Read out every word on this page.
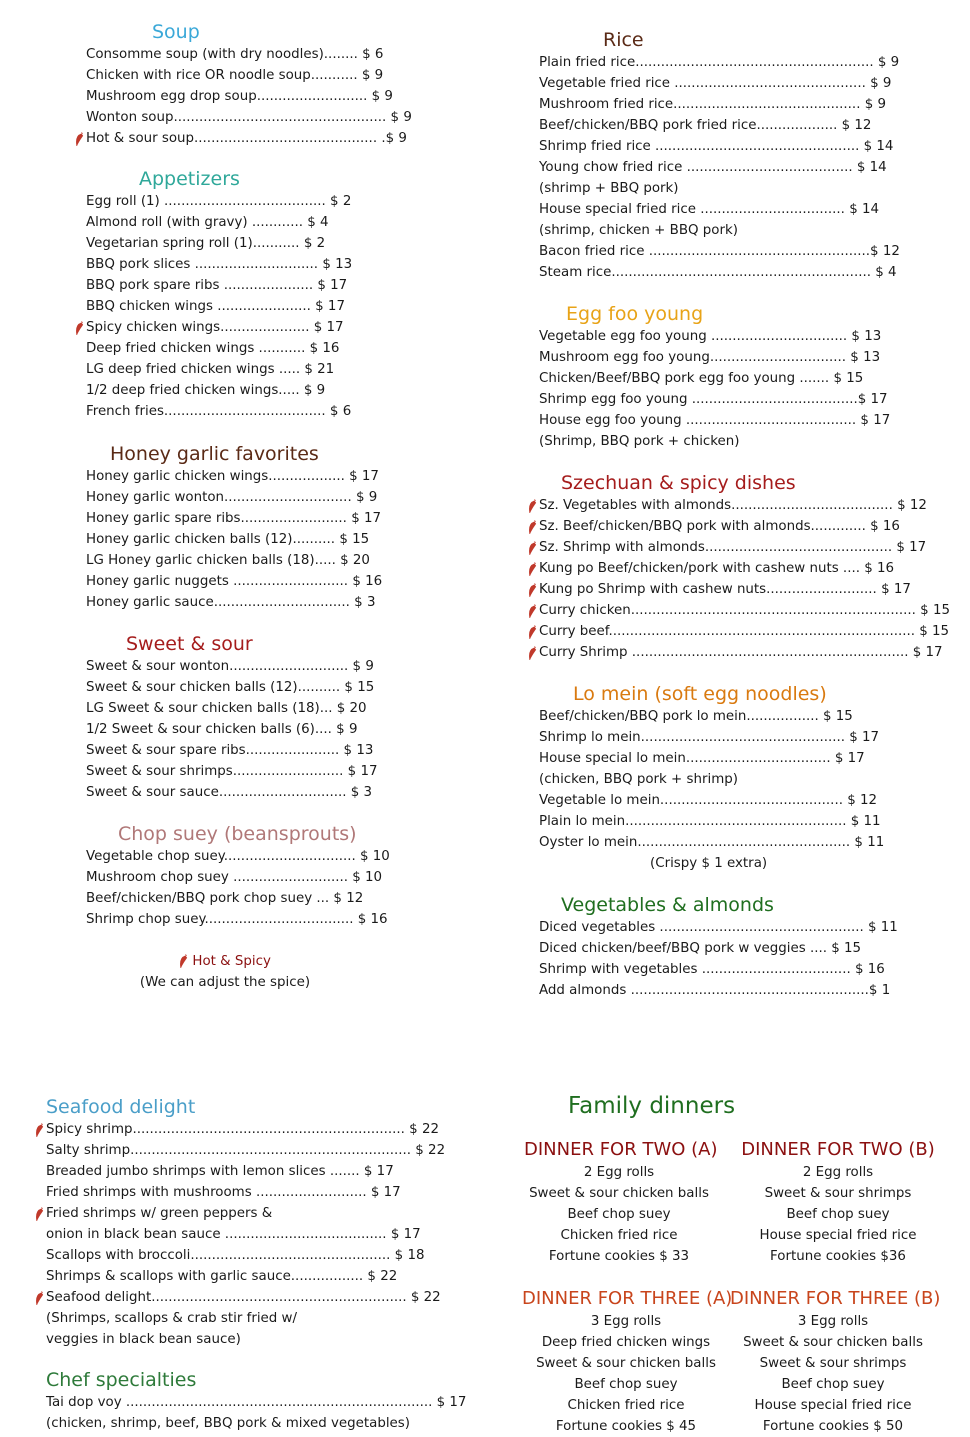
Soup
Consomme soup (with dry noodles)........ $ 6
Chicken with rice OR noodle soup........... $ 9
Mushroom egg drop soup.......................... $ 9
Wonton soup.................................................. $ 9
Hot & sour soup........................................... .$ 9
Appetizers
Egg roll (1) ...................................... $ 2
Almond roll (with gravy) ............ $ 4
Vegetarian spring roll (1)........... $ 2
BBQ pork slices ............................. $ 13
BBQ pork spare ribs ..................... $ 17
BBQ chicken wings ...................... $ 17
Spicy chicken wings..................... $ 17
Deep fried chicken wings ........... $ 16
LG deep fried chicken wings ..... $ 21
1/2 deep fried chicken wings..... $ 9
French fries...................................... $ 6
Honey garlic favorites
Honey garlic chicken wings.................. $ 17
Honey garlic wonton.............................. $ 9
Honey garlic spare ribs......................... $ 17
Honey garlic chicken balls (12).......... $ 15
LG Honey garlic chicken balls (18)..... $ 20
Honey garlic nuggets ........................... $ 16
Honey garlic sauce................................ $ 3
Sweet & sour
Sweet & sour wonton............................ $ 9
Sweet & sour chicken balls (12).......... $ 15
LG Sweet & sour chicken balls (18)... $ 20
1/2 Sweet & sour chicken balls (6).... $ 9
Sweet & sour spare ribs...................... $ 13
Sweet & sour shrimps.......................... $ 17
Sweet & sour sauce.............................. $ 3
Chop suey (beansprouts)
Vegetable chop suey............................... $ 10
Mushroom chop suey ........................... $ 10
Beef/chicken/BBQ pork chop suey ... $ 12
Shrimp chop suey................................... $ 16
Hot & Spicy
(We can adjust the spice)
Rice
Plain fried rice........................................................ $ 9
Vegetable fried rice ............................................. $ 9
Mushroom fried rice............................................ $ 9
Beef/chicken/BBQ pork fried rice................... $ 12
Shrimp fried rice ................................................ $ 14
Young chow fried rice ....................................... $ 14
(shrimp + BBQ pork)
House special fried rice .................................. $ 14
(shrimp, chicken + BBQ pork)
Bacon fried rice ....................................................$ 12
Steam rice............................................................. $ 4
Egg foo young
Vegetable egg foo young ................................ $ 13
Mushroom egg foo young................................ $ 13
Chicken/Beef/BBQ pork egg foo young ....... $ 15
Shrimp egg foo young .......................................$ 17
House egg foo young ........................................ $ 17
(Shrimp, BBQ pork + chicken)
Szechuan & spicy dishes
Sz. Vegetables with almonds...................................... $ 12
Sz. Beef/chicken/BBQ pork with almonds............. $ 16
Sz. Shrimp with almonds............................................ $ 17
Kung po Beef/chicken/pork with cashew nuts .... $ 16
Kung po Shrimp with cashew nuts.......................... $ 17
Curry chicken................................................................... $ 15
Curry beef........................................................................ $ 15
Curry Shrimp ................................................................. $ 17
Lo mein (soft egg noodles)
Beef/chicken/BBQ pork lo mein................. $ 15
Shrimp lo mein................................................ $ 17
House special lo mein.................................. $ 17
(chicken, BBQ pork + shrimp)
Vegetable lo mein........................................... $ 12
Plain lo mein.................................................... $ 11
Oyster lo mein.................................................. $ 11
(Crispy $ 1 extra)
Vegetables & almonds
Diced vegetables ................................................ $ 11
Diced chicken/beef/BBQ pork w veggies .... $ 15
Shrimp with vegetables ................................... $ 16
Add almonds ........................................................$ 1
Seafood delight
Spicy shrimp................................................................ $ 22
Salty shrimp.................................................................. $ 22
Breaded jumbo shrimps with lemon slices ....... $ 17
Fried shrimps with mushrooms .......................... $ 17
Fried shrimps w/ green peppers &
onion in black bean sauce ...................................... $ 17
Scallops with broccoli............................................... $ 18
Shrimps & scallops with garlic sauce................. $ 22
Seafood delight............................................................ $ 22
(Shrimps, scallops & crab stir fried w/
veggies in black bean sauce)
Chef specialties
Tai dop voy ........................................................................ $ 17
(chicken, shrimp, beef, BBQ pork & mixed vegetables)
Family dinners
DINNER FOR TWO (A)
2 Egg rolls
Sweet & sour chicken balls
Beef chop suey
Chicken fried rice
Fortune cookies $ 33
DINNER FOR TWO (B)
2 Egg rolls
Sweet & sour shrimps
Beef chop suey
House special fried rice
Fortune cookies $36
DINNER FOR THREE (A)
3 Egg rolls
Deep fried chicken wings
Sweet & sour chicken balls
Beef chop suey
Chicken fried rice
Fortune cookies $ 45
DINNER FOR THREE (B)
3 Egg rolls
Sweet & sour chicken balls
Sweet & sour shrimps
Beef chop suey
House special fried rice
Fortune cookies $ 50
